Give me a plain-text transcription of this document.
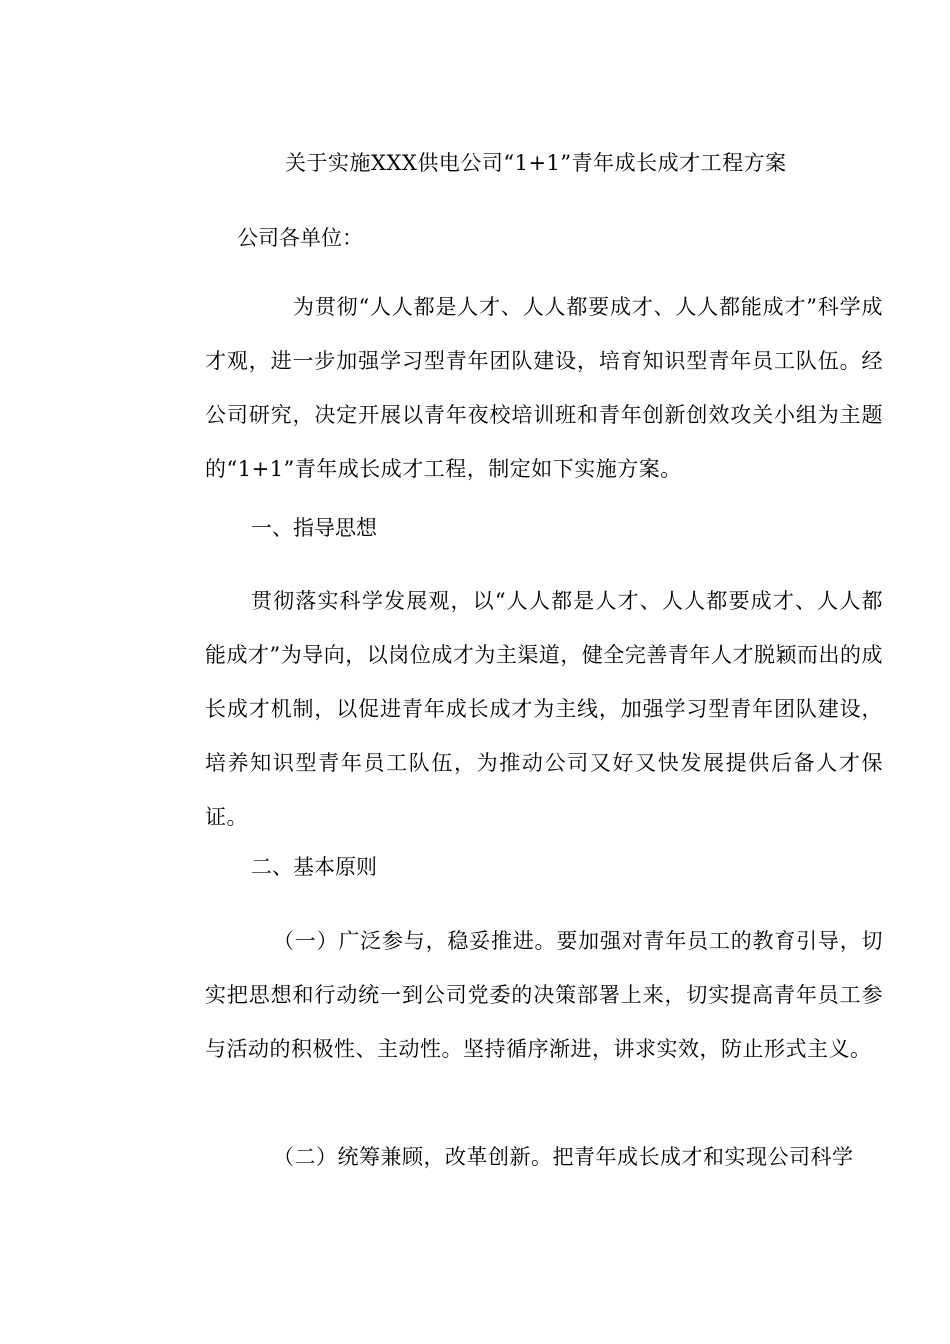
关于实施XXX供电公司“1+1”青年成长成才工程方案
公司各单位：
为贯彻“人人都是人才、人人都要成才、人人都能成才”科学成才观，进一步加强学习型青年团队建设，培育知识型青年员工队伍。经公司研究，决定开展以青年夜校培训班和青年创新创效攻关小组为主题的“1+1”青年成长成才工程，制定如下实施方案。
一、指导思想
贯彻落实科学发展观，以“人人都是人才、人人都要成才、人人都能成才”为导向，以岗位成才为主渠道，健全完善青年人才脱颖而出的成长成才机制，以促进青年成长成才为主线，加强学习型青年团队建设，培养知识型青年员工队伍，为推动公司又好又快发展提供后备人才保证。
二、基本原则
（一）广泛参与，稳妥推进。要加强对青年员工的教育引导，切实把思想和行动统一到公司党委的决策部署上来，切实提高青年员工参与活动的积极性、主动性。坚持循序渐进，讲求实效，防止形式主义。
（二）统筹兼顾，改革创新。把青年成长成才和实现公司科学
